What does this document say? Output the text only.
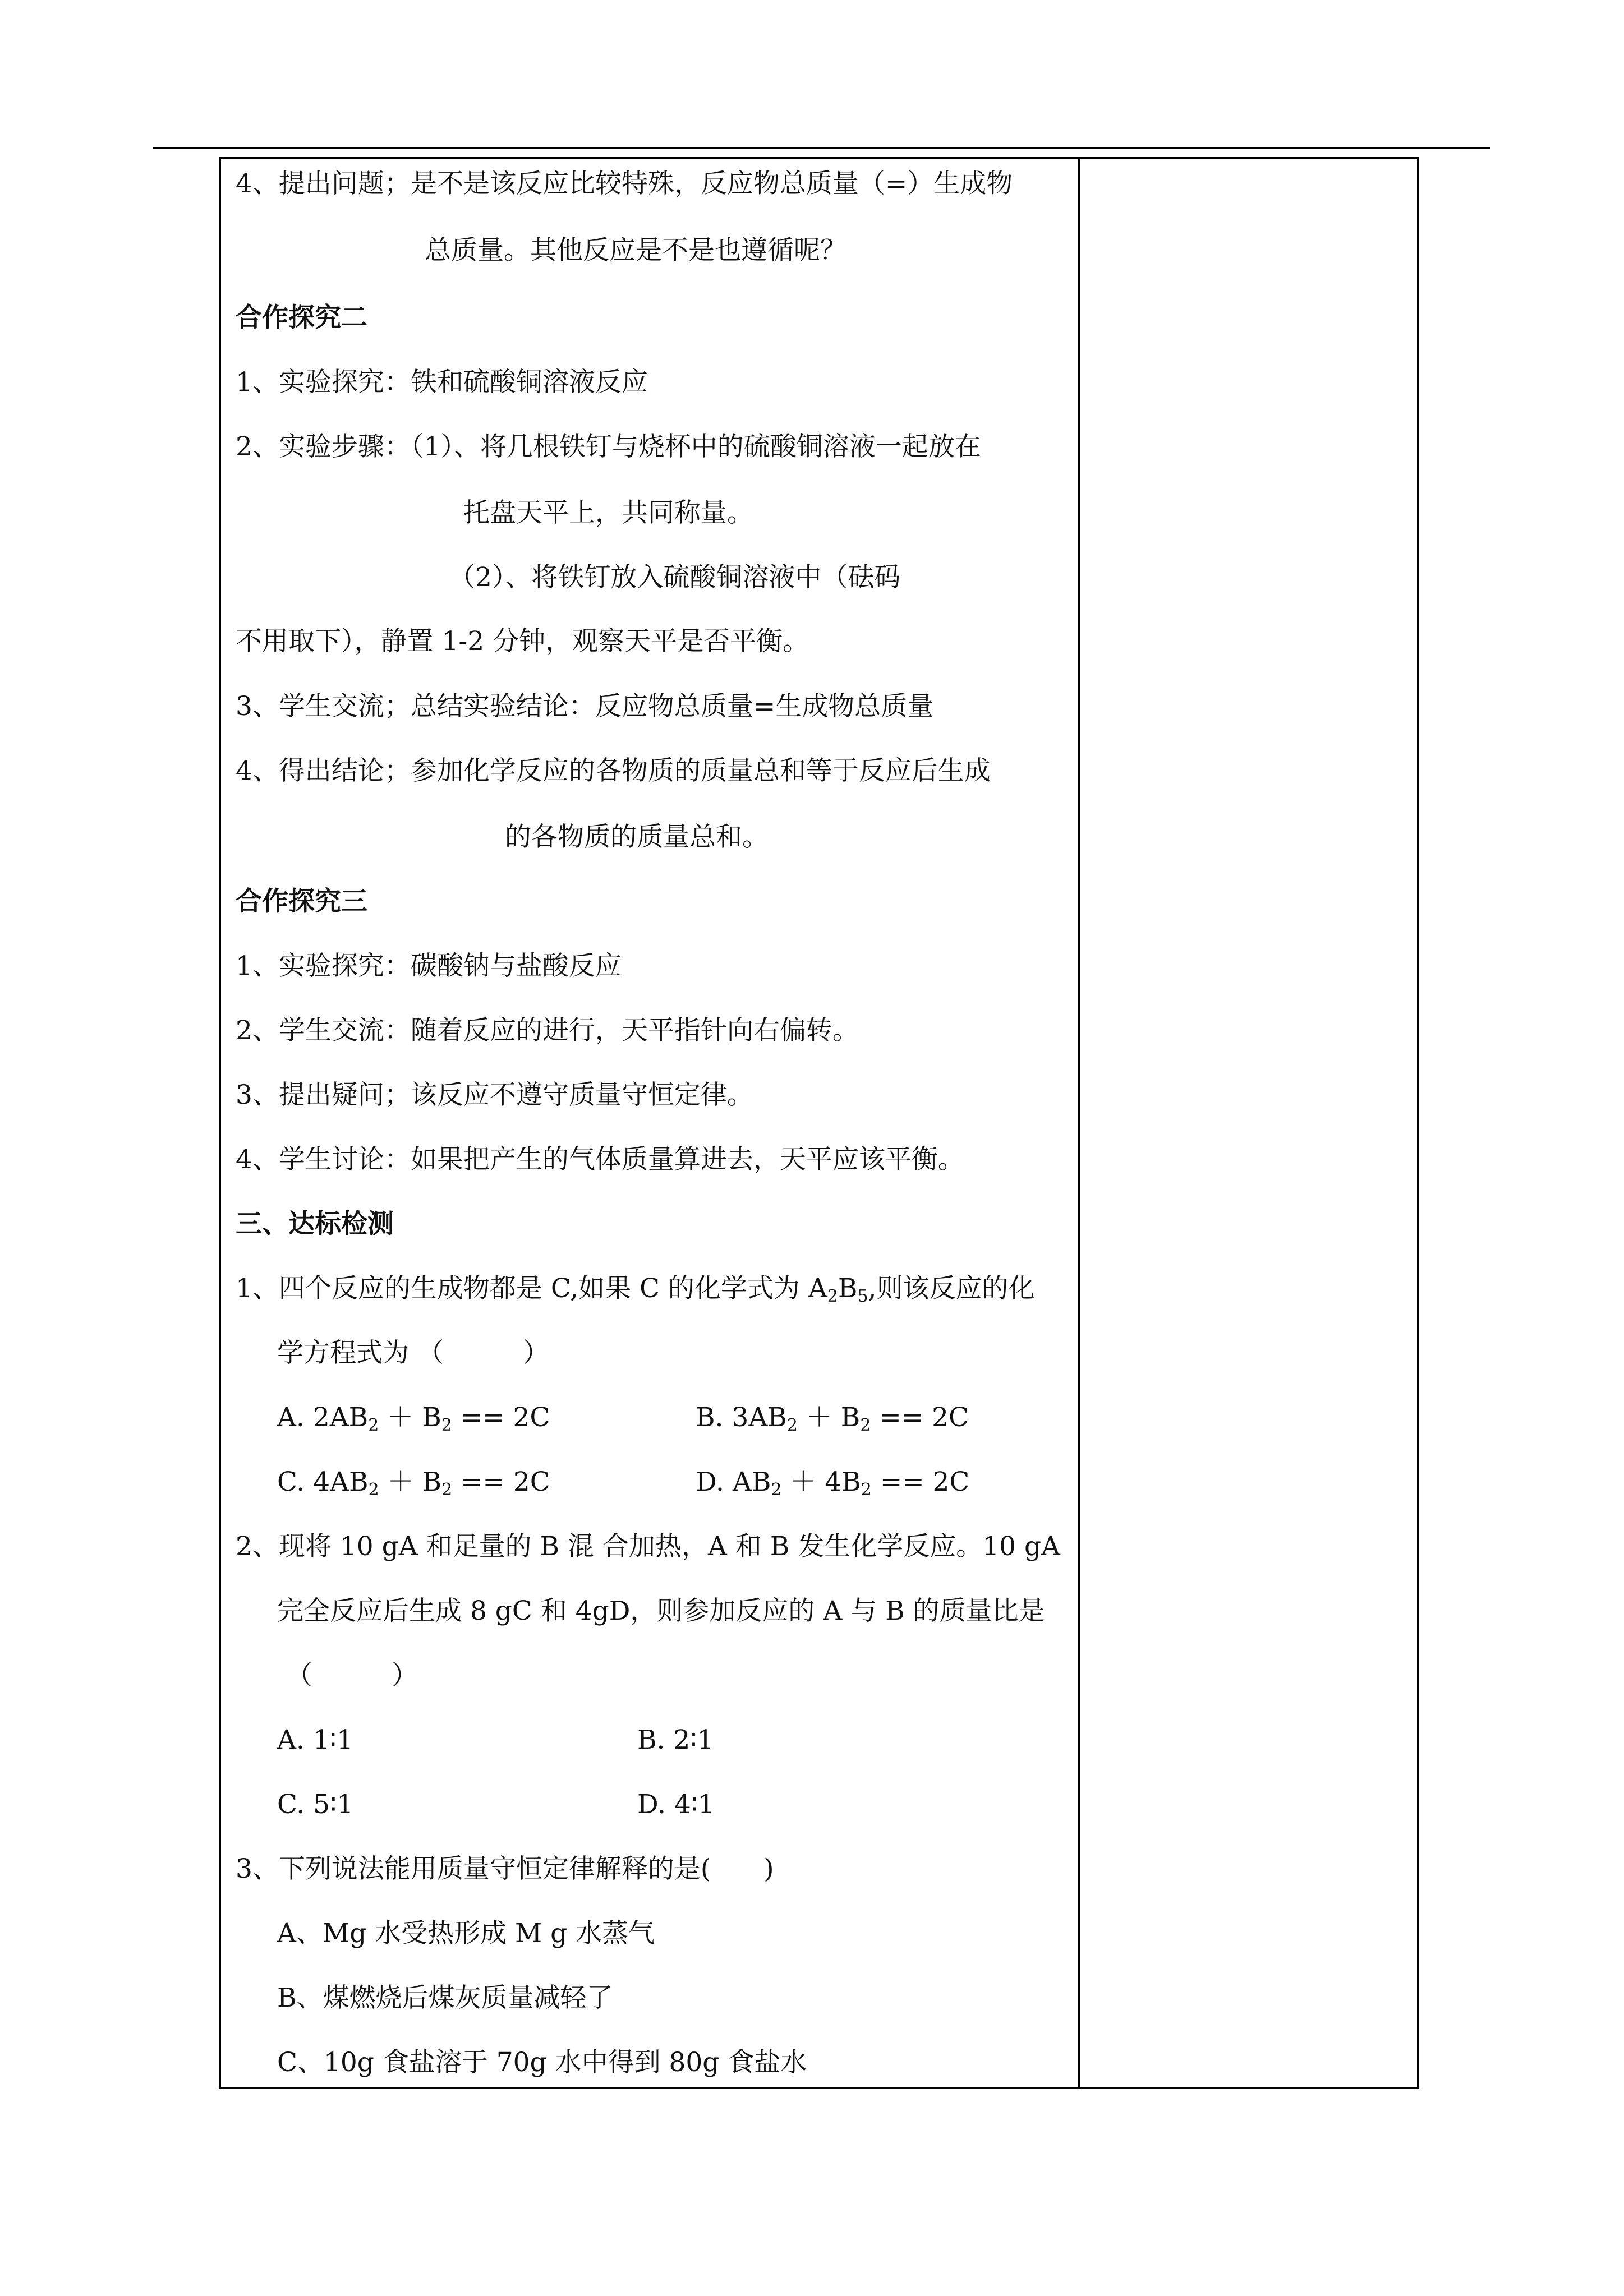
4、提出问题；是不是该反应比较特殊，反应物总质量（=）生成物
总质量。其他反应是不是也遵循呢？
合作探究二
1、实验探究：铁和硫酸铜溶液反应
2、实验步骤：（1）、将几根铁钉与烧杯中的硫酸铜溶液一起放在
托盘天平上，共同称量。
（2）、将铁钉放入硫酸铜溶液中（砝码
不用取下），静置 1-2 分钟，观察天平是否平衡。
3、学生交流；总结实验结论：反应物总质量=生成物总质量
4、得出结论；参加化学反应的各物质的质量总和等于反应后生成
的各物质的质量总和。
合作探究三
1、实验探究：碳酸钠与盐酸反应
2、学生交流：随着反应的进行，天平指针向右偏转。
3、提出疑问；该反应不遵守质量守恒定律。
4、学生讨论：如果把产生的气体质量算进去，天平应该平衡。
三、达标检测
1、四个反应的生成物都是 C,如果 C 的化学式为 $A_2B_5$,则该反应的化
学方程式为 （　　　）
A. $2AB_2 + B_2 == 2C$	B. $3AB_2 + B_2 == 2C$
C. $4AB_2 + B_2 == 2C$	D. $AB_2 + 4B_2 == 2C$
2、现将 10 gA 和足量的 B 混 合加热，A 和 B 发生化学反应。10 gA
完全反应后生成 8 gC 和 4gD，则参加反应的 A 与 B 的质量比是
（　　　）
A. 1∶1	B. 2∶1
C. 5∶1	D. 4∶1
3、下列说法能用质量守恒定律解释的是(　　)
A、Mg 水受热形成 M g 水蒸气
B、煤燃烧后煤灰质量减轻了
C、10g 食盐溶于 70g 水中得到 80g 食盐水
